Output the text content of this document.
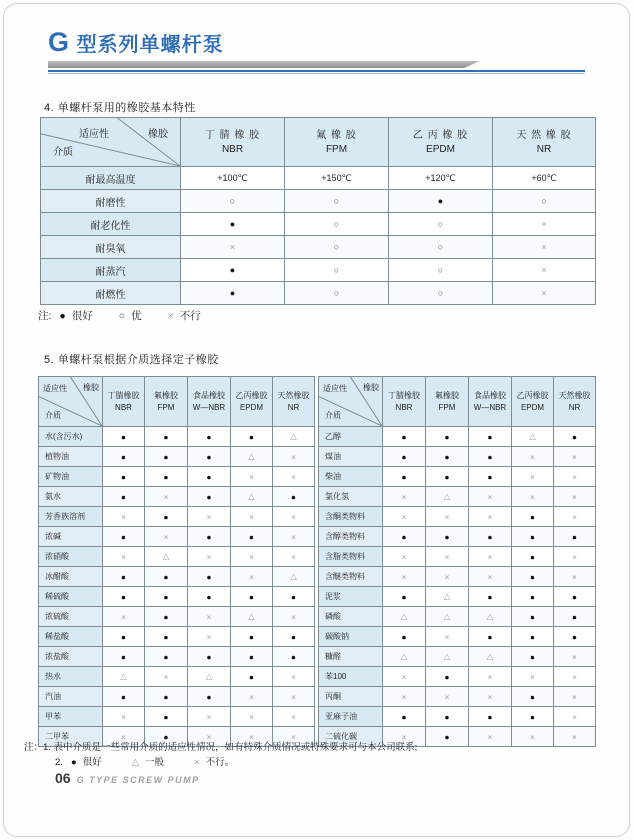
G 型系列单螺杆泵
4. 单螺杆泵用的橡胶基本特性
适应性	橡胶
介质

丁 腈 橡 胶
NBR

氟 橡 胶
FPM

乙 丙 橡 胶
EPDM

天 然 橡 胶
NR

耐最高温度	+100℃	+150℃	+120℃	+60℃
耐磨性	○	○	●	○
耐老化性	●	○	○	×
耐臭氧	×	○	○	×
耐蒸汽	●	○	○	×
耐燃性	●	○	○	×
注: ● 很好 ○ 优 × 不行
5. 单螺杆泵根据介质选择定子橡胶
适应性 橡胶
介质

丁腈橡胶
NBR

氟橡胶
FPM

食品橡胶
W—NBR

乙丙橡胶
EPDM

天然橡胶
NR

水(含污水)	●	●	●	●	△
植物油	●	●	●	△	×
矿物油	●	●	●	×	×
氨水	●	×	●	△	●
芳香族溶剂	×	●	×	×	×
浓碱	●	×	●	●	×
浓硝酸	×	△	×	×	×
冰醋酸	●	●	●	×	△
稀硫酸	●	●	●	●	●
浓硫酸	×	●	×	△	×
稀盐酸	●	●	×	●	●
浓盐酸	●	●	●	●	●
热水	△	×	△	●	×
汽油	●	●	●	×	×
甲苯	×	●	×	×	×
二甲苯	×	●	×	×	×
适应性 橡胶
介质

丁腈橡胶
NBR

氟橡胶
FPM

食品橡胶
W—NBR

乙丙橡胶
EPDM

天然橡胶
NR

乙醇	●	●	●	△	●
煤油	●	●	●	×	×
柴油	●	●	●	×	×
氯化氢	×	△	×	×	×
含酮类物料	×	×	×	●	×
含醇类物料	●	●	●	●	●
含脂类物料	×	×	×	●	×
含醚类物料	×	×	×	●	×
泥浆	●	△	●	●	●
磷酸	△	△	△	●	●
碳酸钠	●	×	●	●	●
糠醛	△	△	△	●	×
苯100	×	●	×	×	×
丙酮	×	×	×	●	×
亚麻子油	●	●	●	●	×
二硫化碳	×	●	×	×	×
注：1. 表中介质是一些常用介质的适应性情况，如有特殊介质情况或特殊要求可与本公司联系;
2. ● 很好	△ 一般	× 不行。
06 G TYPE SCREW PUMP
